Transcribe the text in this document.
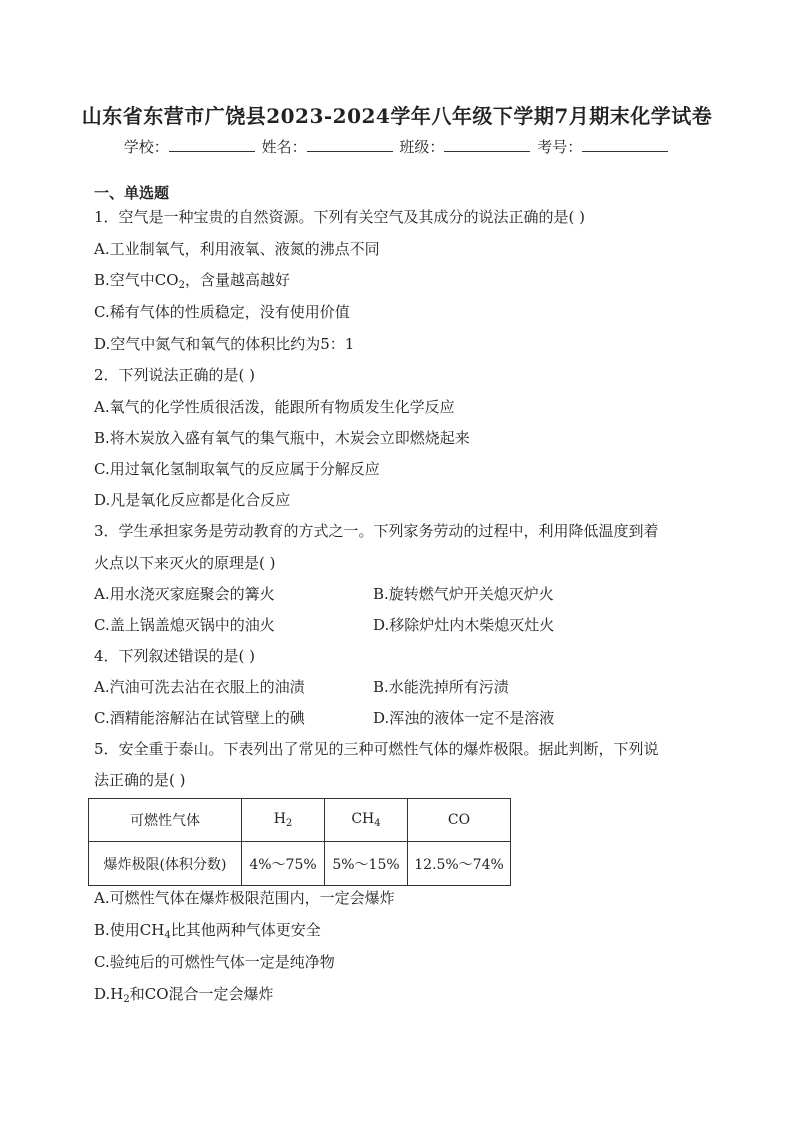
山东省东营市广饶县2023-2024学年八年级下学期7月期末化学试卷
学校：	姓名：	班级：	考号：
一、单选题
1．空气是一种宝贵的自然资源。下列有关空气及其成分的说法正确的是( )
A.工业制氧气，利用液氧、液氮的沸点不同
B.空气中$CO_2$，含量越高越好
C.稀有气体的性质稳定，没有使用价值
D.空气中氮气和氧气的体积比约为5：1
2．下列说法正确的是( )
A.氧气的化学性质很活泼，能跟所有物质发生化学反应
B.将木炭放入盛有氧气的集气瓶中，木炭会立即燃烧起来
C.用过氧化氢制取氧气的反应属于分解反应
D.凡是氧化反应都是化合反应
3．学生承担家务是劳动教育的方式之一。下列家务劳动的过程中，利用降低温度到着
火点以下来灭火的原理是( )
A.用水浇灭家庭聚会的篝火	B.旋转燃气炉开关熄灭炉火
C.盖上锅盖熄灭锅中的油火	D.移除炉灶内木柴熄灭灶火
4．下列叙述错误的是( )
A.汽油可洗去沾在衣服上的油渍	B.水能洗掉所有污渍
C.酒精能溶解沾在试管壁上的碘	D.浑浊的液体一定不是溶液
5．安全重于泰山。下表列出了常见的三种可燃性气体的爆炸极限。据此判断，下列说
法正确的是( )
可燃性气体	$H_2$	$CH_4$	CO
爆炸极限(体积分数)	4%～75%	5%～15%	12.5%～74%
A.可燃性气体在爆炸极限范围内，一定会爆炸
B.使用$CH_4$比其他两种气体更安全
C.验纯后的可燃性气体一定是纯净物
$D.H_2$和CO混合一定会爆炸
